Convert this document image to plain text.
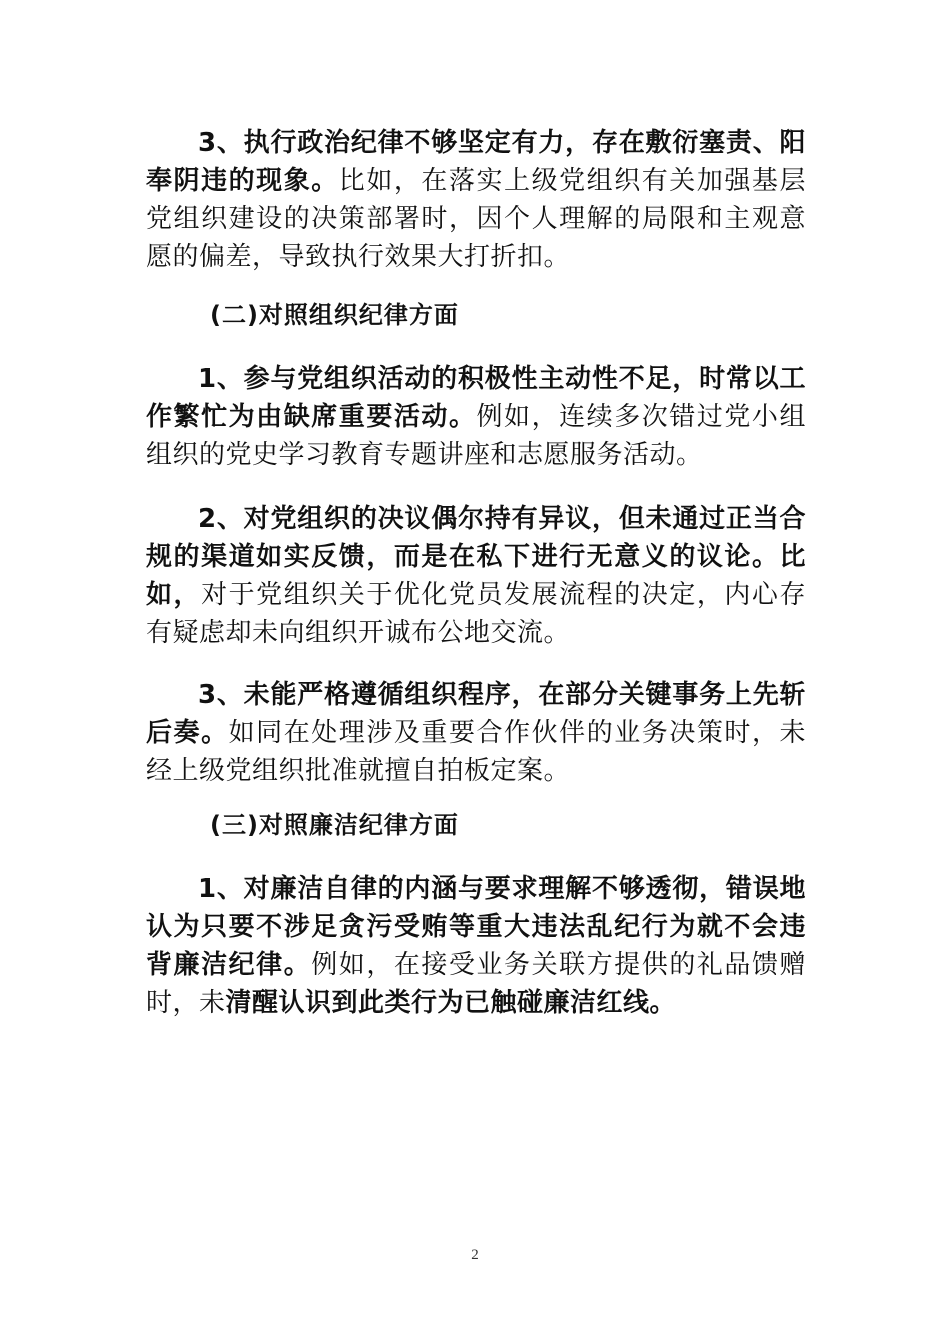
3、执行政治纪律不够坚定有力，存在敷衍塞责、阳奉阴违的现象。比如，在落实上级党组织有关加强基层党组织建设的决策部署时，因个人理解的局限和主观意愿的偏差，导致执行效果大打折扣。

(二)对照组织纪律方面

1、参与党组织活动的积极性主动性不足，时常以工作繁忙为由缺席重要活动。例如，连续多次错过党小组组织的党史学习教育专题讲座和志愿服务活动。

2、对党组织的决议偶尔持有异议，但未通过正当合规的渠道如实反馈，而是在私下进行无意义的议论。比如，对于党组织关于优化党员发展流程的决定，内心存有疑虑却未向组织开诚布公地交流。

3、未能严格遵循组织程序，在部分关键事务上先斩后奏。如同在处理涉及重要合作伙伴的业务决策时，未经上级党组织批准就擅自拍板定案。

(三)对照廉洁纪律方面

1、对廉洁自律的内涵与要求理解不够透彻，错误地认为只要不涉足贪污受贿等重大违法乱纪行为就不会违背廉洁纪律。例如，在接受业务关联方提供的礼品馈赠时，未清醒认识到此类行为已触碰廉洁红线。

2
